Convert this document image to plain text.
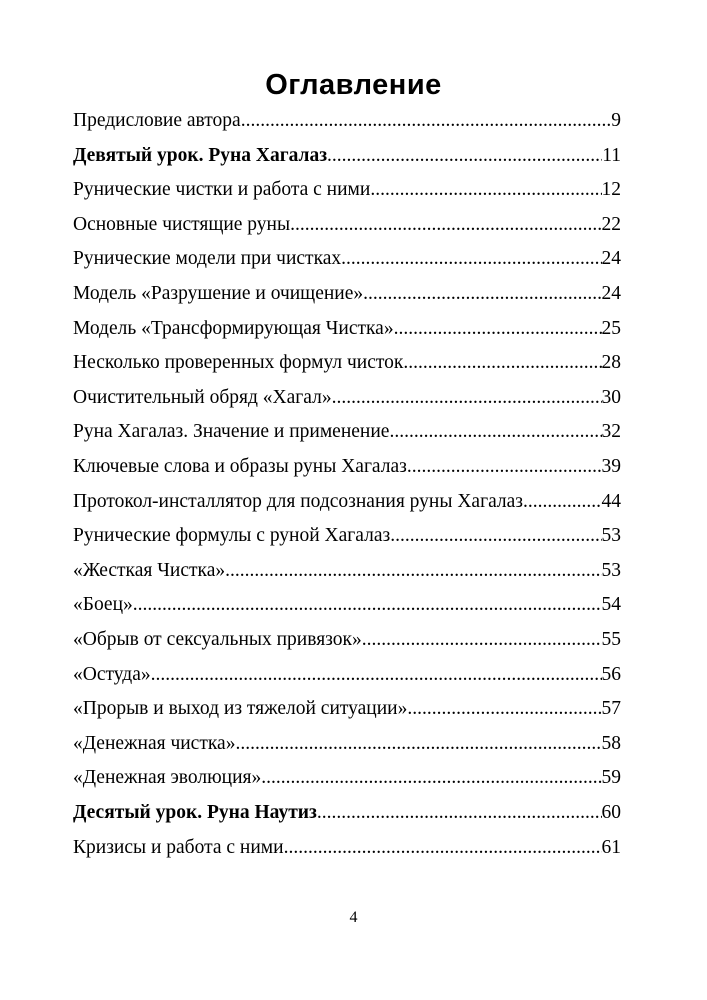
Оглавление
Предисловие автора .....	9
Девятый урок. Руна Хагалаз .....	11
Рунические чистки и работа с ними .....	12
Основные чистящие руны .....	22
Рунические модели при чистках. .....	24
Модель «Разрушение и очищение» .....	24
Модель «Трансформирующая Чистка» .....	25
Несколько проверенных формул чисток .....	28
Очистительный обряд «Хагал» .....	30
Руна Хагалаз. Значение и применение. .....	32
Ключевые слова и образы руны Хагалаз .....	39
Протокол-инсталлятор для подсознания руны Хагалаз .....	44
Рунические формулы с руной Хагалаз .....	53
«Жесткая Чистка» .....	53
«Боец» .....	54
«Обрыв от сексуальных привязок» .....	55
«Остуда» .....	56
«Прорыв и выход из тяжелой ситуации» .....	57
«Денежная чистка» .....	58
«Денежная эволюция» .....	59
Десятый урок. Руна Наутиз .....	60
Кризисы и работа с ними .....	61
4
